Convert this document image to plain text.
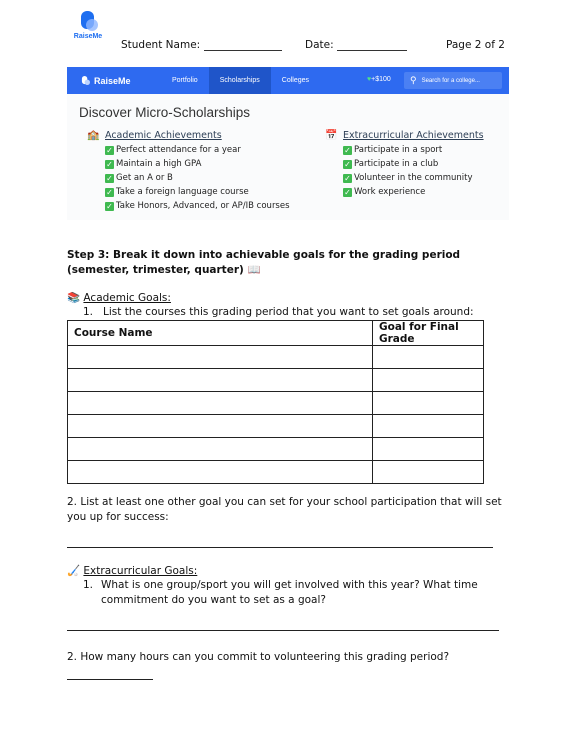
RaiseMe
Student Name:	Date:	Page 2 of 2
RaiseMe	Portfolio	Scholarships	Colleges	♥+$100 ⚲ Search for a college...
Discover Micro-Scholarships
🏫 Academic Achievements
✓ Perfect attendance for a year
✓ Maintain a high GPA
✓ Get an A or B
✓ Take a foreign language course
✓ Take Honors, Advanced, or AP/IB courses
📅 Extracurricular Achievements
✓ Participate in a sport
✓ Participate in a club
✓ Volunteer in the community
✓ Work experience
Step 3: Break it down into achievable goals for the grading period (semester, trimester, quarter) 📖
📚 Academic Goals:
1.   List the courses this grading period that you want to set goals around:
Course Name	Goal for Final Grade

2. List at least one other goal you can set for your school participation that will set you up for success:
🏑 Extracurricular Goals:
1. What is one group/sport you will get involved with this year? What time commitment do you want to set as a goal?
2. How many hours can you commit to volunteering this grading period?
